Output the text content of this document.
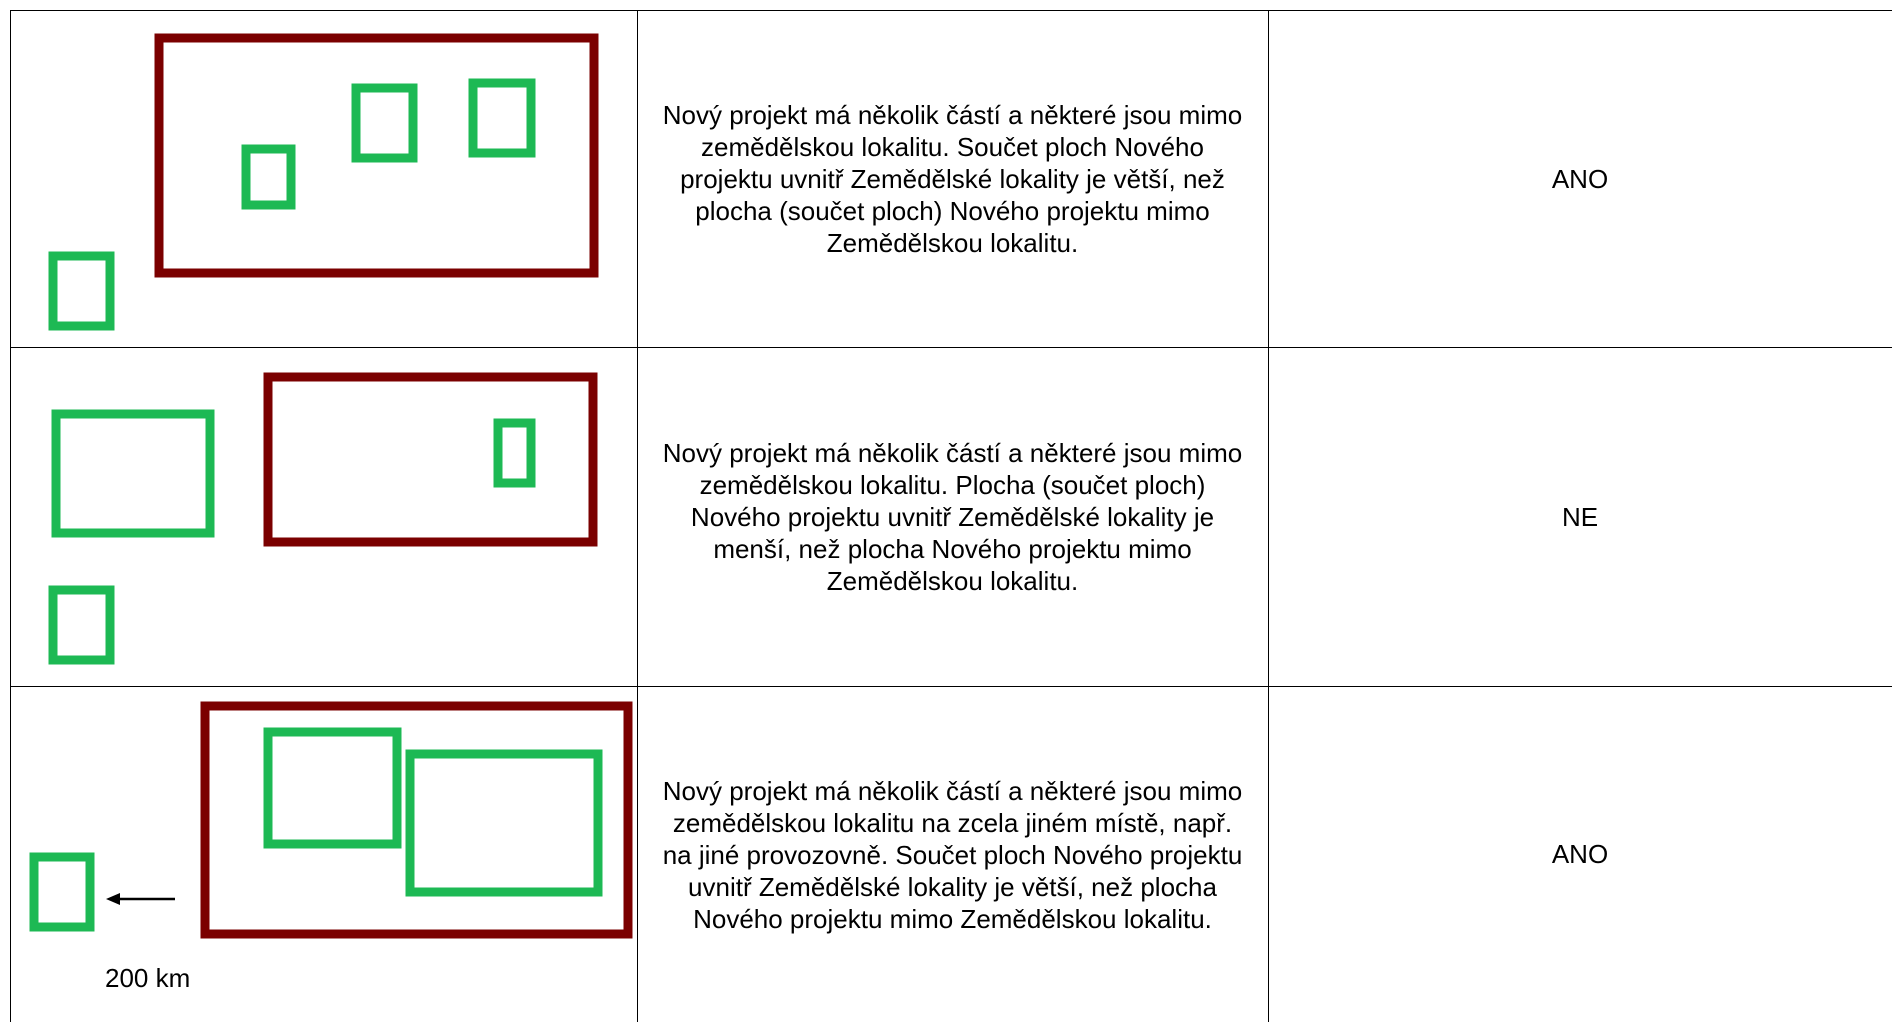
Nový projekt má několik částí a některé jsou mimo zemědělskou lokalitu. Součet ploch Nového projektu uvnitř Zemědělské lokality je větší, než plocha (součet ploch) Nového projektu mimo Zemědělskou lokalitu.
ANO
Nový projekt má několik částí a některé jsou mimo zemědělskou lokalitu. Plocha (součet ploch) Nového projektu uvnitř Zemědělské lokality je menší, než plocha Nového projektu mimo Zemědělskou lokalitu.
NE
200 km
Nový projekt má několik částí a některé jsou mimo zemědělskou lokalitu na zcela jiném místě, např. na jiné provozovně. Součet ploch Nového projektu uvnitř Zemědělské lokality je větší, než plocha Nového projektu mimo Zemědělskou lokalitu.
ANO
